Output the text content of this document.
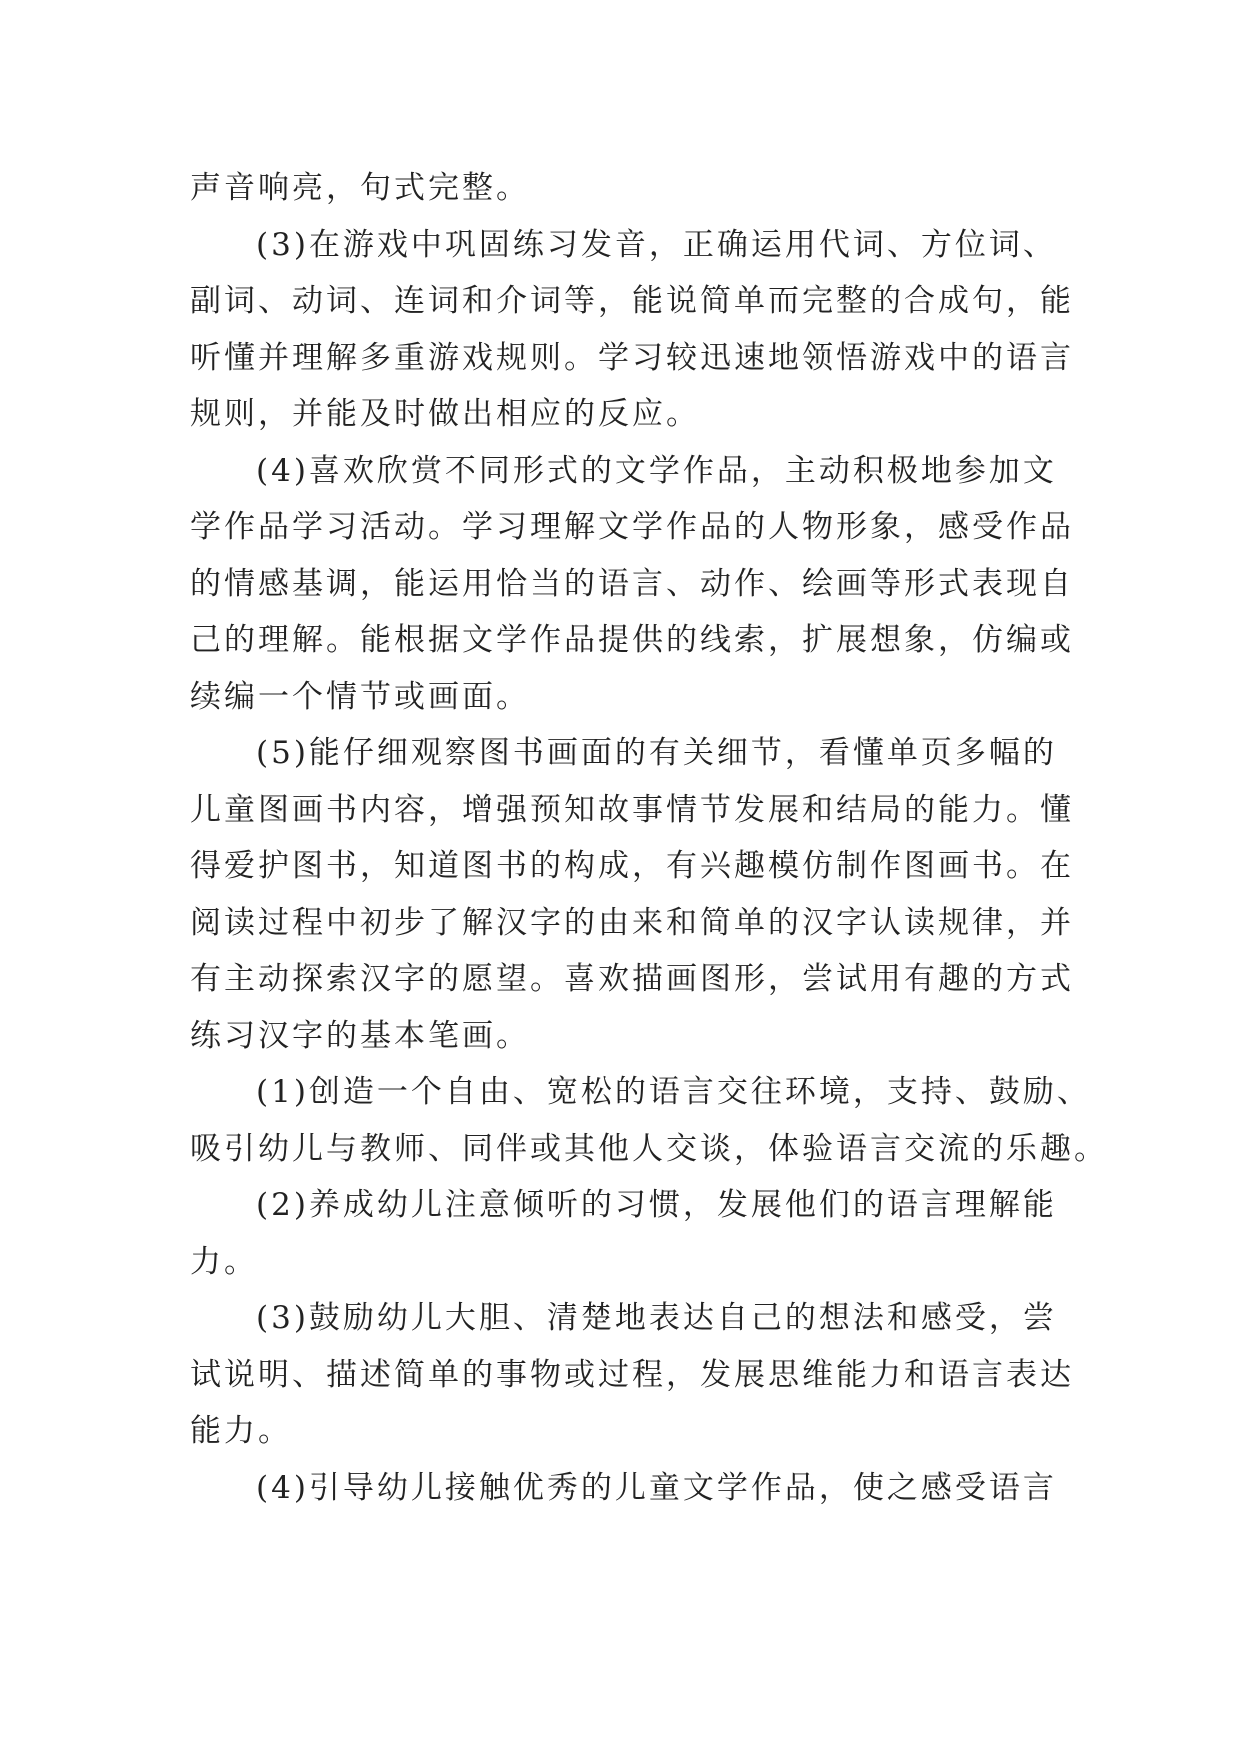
声音响亮，句式完整。
(3)在游戏中巩固练习发音，正确运用代词、方位词、
副词、动词、连词和介词等，能说简单而完整的合成句，能
听懂并理解多重游戏规则。学习较迅速地领悟游戏中的语言
规则，并能及时做出相应的反应。
(4)喜欢欣赏不同形式的文学作品，主动积极地参加文
学作品学习活动。学习理解文学作品的人物形象，感受作品
的情感基调，能运用恰当的语言、动作、绘画等形式表现自
己的理解。能根据文学作品提供的线索，扩展想象，仿编或
续编一个情节或画面。
(5)能仔细观察图书画面的有关细节，看懂单页多幅的
儿童图画书内容，增强预知故事情节发展和结局的能力。懂
得爱护图书，知道图书的构成，有兴趣模仿制作图画书。在
阅读过程中初步了解汉字的由来和简单的汉字认读规律，并
有主动探索汉字的愿望。喜欢描画图形，尝试用有趣的方式
练习汉字的基本笔画。
(1)创造一个自由、宽松的语言交往环境，支持、鼓励、
吸引幼儿与教师、同伴或其他人交谈，体验语言交流的乐趣。
(2)养成幼儿注意倾听的习惯，发展他们的语言理解能
力。
(3)鼓励幼儿大胆、清楚地表达自己的想法和感受，尝
试说明、描述简单的事物或过程，发展思维能力和语言表达
能力。
(4)引导幼儿接触优秀的儿童文学作品，使之感受语言
